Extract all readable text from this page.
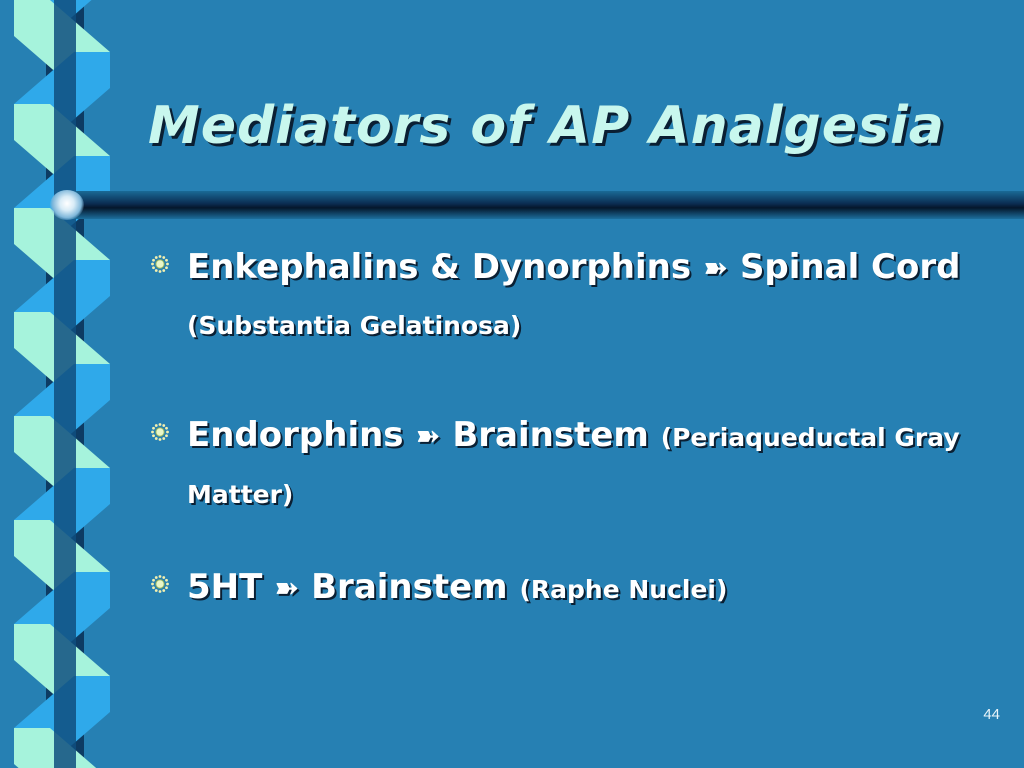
Mediators of AP Analgesia

Enkephalins & Dynorphins ➽ Spinal Cord (Substantia Gelatinosa)

Endorphins ➽ Brainstem (Periaqueductal Gray Matter)

5HT ➽ Brainstem (Raphe Nuclei)

44
